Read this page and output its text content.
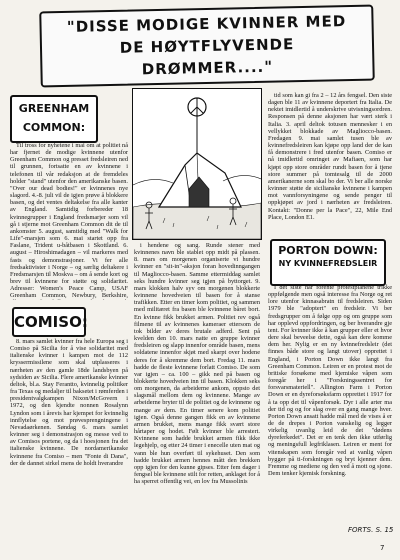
"DISSE MODIGE KVINNER MED DE HØYTFLYVENDE DRØMMER...."
GREENHAM COMMON:

Til tross for nyhetene i mai om at politiet nå har fjernet de modige kvinnene utenfor Greenham Common og presset fredsleiren ned til grunnen, fortsatte en av kvinnene i telefonen til vår redaksjon at de fremdeles holder "stand" utenfor den amerikanske basen. "Over our dead bodies!" er kvinnenes nye slagord. 4.-8. juli vil de igjen prøve å blokkere basen, og det ventes deltakelse fra alle kanter av England. Samtidig forbereder 18 kvinnegrupper i England fredsmarjer som vil gå i stjerne mot Greenham Common dit de til ankomster 5. august, samtidig med "Walk for Life"-marsjen som 6. mai startet opp fra Faslane, Trident u-båtbasen i Skottland. 6. august – Hiroshimadagen – vil markeres med fasts og demonstrasjoner. Vi fer alle fredsaktivister i Norge – og særlig deltakere i Fredsmarsjen til Moskva – om å sende kort og brev til kvinnene for støtte og solidaritet. Adresser: Women's Peace Camp, USAF Greenham Common, Newbury, Berkshire,

COMISO:

8. mars samlet kvinner fra hele Europa seg i Comiso på Sicilia for å vise solidaritet med italienske kvinner i kampen mot de 112 kryssermissilene som skal utplasseres i nærheten av den gamle 18de landsbyen på sydsiden av Sicilia. Flere amerikanske kvinner deltok, bl.a. Stay Ferantto, kvinnelig politiker fra Texas og medaljer til baksetet i rømferden i presidentvalgkampen Nixon/McGovern i 1972, og den kjendte nonnen Rosalynn Lyndon som i årevis har kjempet for kvinnelig innflytelse og mot prøvesprengningene i Nevadaørkenen. Søndag 6. mars samlet kvinner seg i demonstrasjon og messe ved to av Comisos portene, og da i hoesjonen fra det italienske kvinnene. De nordamerikanske kvinnene fra Comiso – men "Fonte di Dana", der de dannet sirkel mens de holdt hverandre

i hendene og sang. Runde stener med kvinnenes navn ble stablet opp midt på plassen. 8. mars om morgenen organiserte vi hundre kvinner en "sit-in"-aksjon foran hovedinngangen til Magliocco-basen. Samme ettermiddag samlet seks hundre kvinner seg igjen på byttorget. 9. mars klokken halv syv om morgenen blokkerte kvinnene hovedveien til basen for å stanse trafikken. Etter en timer kom politiet, og sammen med militæret fra basen ble kvinnene båret bort. En kvinne fikk brukket armen. Politiet rev også filmene til av kvinnenes kameraer ettersom de tok bilder av deres brutale adferd. Sent på kvelden den 10. mars natte en gruppe kvinner fredsleiren og slapp innenfor område basen, mens soldatene innenfor skjøt med skarpt over hodene deres for å skremme dem bort. Fredag 11. mars hadde de fleste kvinnene forlatt Comiso. De som var igjen – ca. 100 – gikk ned på basen og blokkerte hovedveien inn til basen. Klokken seks om morgenen, da arbeiderne ankom, oppsto det slagsmål mellom dem og kvinnene. Mange av arbeiderne bryter til de politiet og de kvinnene og mange av dem. En timer senere kom politiet igjen. Også denne gangen fikk en av kvinnene armen brukket, mens mange fikk svært store hårtaper og hodet. Følt kvinner ble arrestert. Kvinnene som hadde brukket armen fikk ikke legehjelp, og etter 24 timer i enecelle uten mat og vann ble hun overført til sykehuset. Den som hadde brukket armen hennes mått den brekken opp igjen for den kunne gipses. Etter fem dager i fengsel ble kvinnene stilt for retten, anklaget for å ha sperret offentlig vei, en lov fra Mussolinis

tid som kan gi fra 2 – 12 års fengsel. Den siste dagen ble 11 av kvinnene deportert fra Italia. De nektet imidlertid å underskrive utvisningsordren. Responsen på denne aksjonen har vært sterk i Italia. 3. april deltok totusen mennesker i en vellykket blokkade av Magliocco-basen. Fredagen 9. mai samlet tusen ble av kvinnefredsleiren kan kjøpe opp land der de kan få demonstrere i fred utenfor basen. Comiso er nå imidlertid omringet av Mafiaen, som har kjøpt opp store områder rundt basen for å tjene store summer på tomtesalg til de 2000 amerikanerne som skal bo der. Vi ber alle norske kvinner støtte de sicilianske kvinnene i kampen mot vannforsyningene og sende penger til oppkjøpet av jord i nærheten av fredsleiren. Kontakt: "Donne per la Pace", 22, Mile End Place, London E1.

PORTON DOWN:
NY KVINNEFREDSLEIR

I det siste har forente protestplanene trikke oppfølgende men også interesse fra Norge og ret lore utenfor kinnasabratn til fredsleiren. Siden 1979 ble "adoptert" en fredsleir. Vi ber fredsgrupper om å følge opp og om gruppe som har opplevd oppfordringen, og ber hverandre gje tent. For kvinner ikke å kan grupper eller et hvor dere skal beveelse dette, også kan dere komme dem her. Nylig er en ny kvinnefredsleir (det finnes både store og langt utover) opprettet i England, i Porton Down ikke langt fra Greenham Common. Leiren er en protest mot de britiske forsøkene med kjemiske våpen som foregår her i "Forskningssentret for forsvarsmateriell". Allington Farm i Porton Down er en dyreforsøksfarm opprettet i 1917 for å ta opp det til våpenforsøk. Dyr i alle arter ma der tid og og for slag over en gang mange hver. Porton Down ansatt hadde mål med de vises å er de de drepes i Porton vanskelig og legger virkelig uvanlig leid de det "dødens dyreferkedet". Det er en tenk den ikke utførlig og meningsfull legfriklasen. Leiren er ment for vitenskapen som foregår ved at vanlig våpen bygger på ti-forskningen og bryt kjenner dem. Fremme og mediene og den ved å mott og sjone. Dem tenker kjemisk forskning.

FORTS. S. 15
7
